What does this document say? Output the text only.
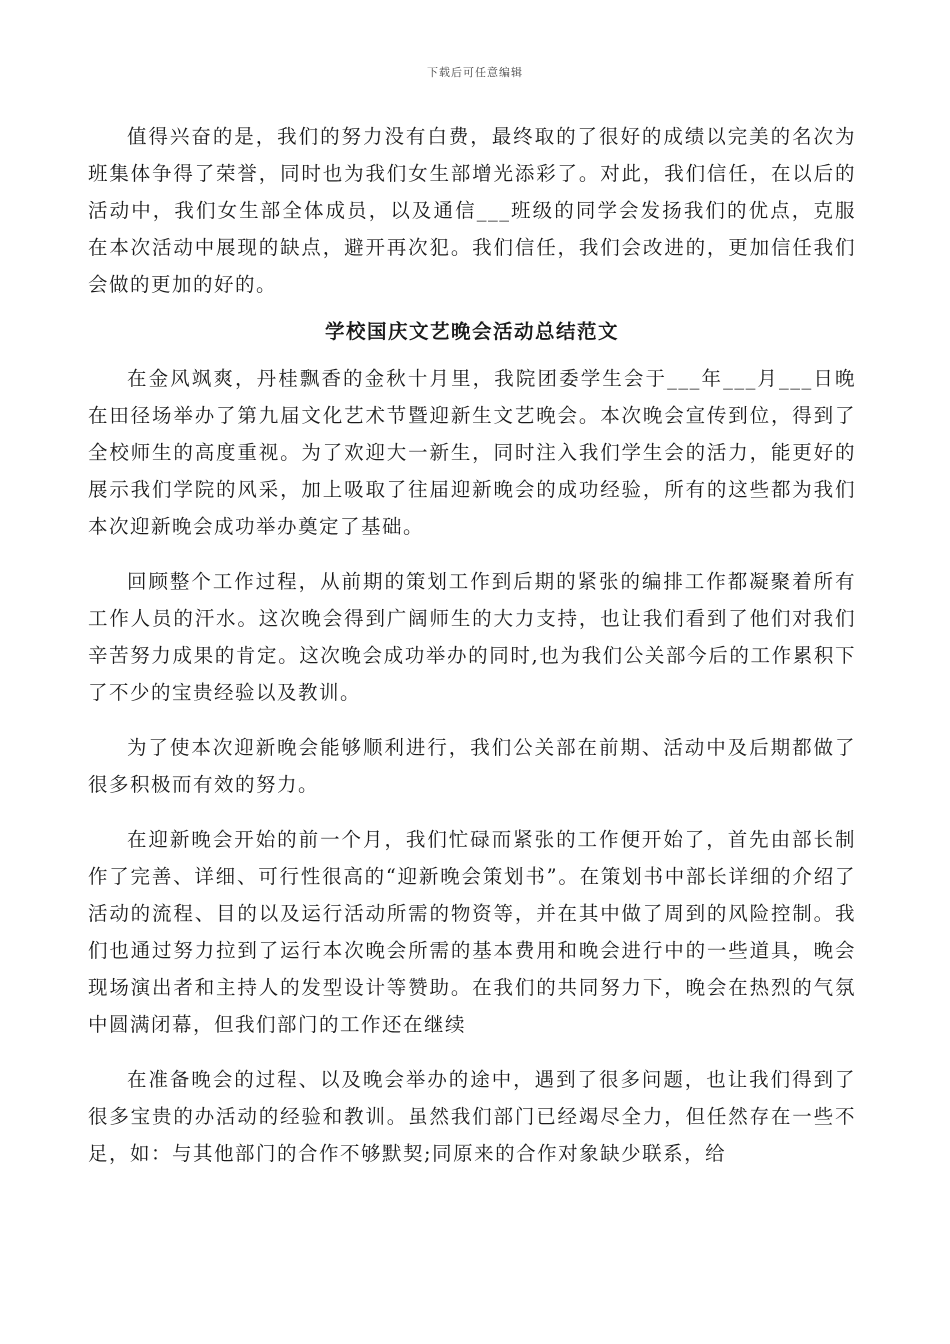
下载后可任意编辑

值得兴奋的是，我们的努力没有白费，最终取的了很好的成绩以完美的名次为班集体争得了荣誉，同时也为我们女生部增光添彩了。对此，我们信任，在以后的活动中，我们女生部全体成员，以及通信___班级的同学会发扬我们的优点，克服在本次活动中展现的缺点，避开再次犯。我们信任，我们会改进的，更加信任我们会做的更加的好的。

学校国庆文艺晚会活动总结范文

在金风飒爽，丹桂飘香的金秋十月里，我院团委学生会于___年___月___日晚在田径场举办了第九届文化艺术节暨迎新生文艺晚会。本次晚会宣传到位，得到了全校师生的高度重视。为了欢迎大一新生，同时注入我们学生会的活力，能更好的展示我们学院的风采，加上吸取了往届迎新晚会的成功经验，所有的这些都为我们本次迎新晚会成功举办奠定了基础。

回顾整个工作过程，从前期的策划工作到后期的紧张的编排工作都凝聚着所有工作人员的汗水。这次晚会得到广阔师生的大力支持，也让我们看到了他们对我们辛苦努力成果的肯定。这次晚会成功举办的同时,也为我们公关部今后的工作累积下了不少的宝贵经验以及教训。

为了使本次迎新晚会能够顺利进行，我们公关部在前期、活动中及后期都做了很多积极而有效的努力。

在迎新晚会开始的前一个月，我们忙碌而紧张的工作便开始了，首先由部长制作了完善、详细、可行性很高的“迎新晚会策划书”。在策划书中部长详细的介绍了活动的流程、目的以及运行活动所需的物资等，并在其中做了周到的风险控制。我们也通过努力拉到了运行本次晚会所需的基本费用和晚会进行中的一些道具，晚会现场演出者和主持人的发型设计等赞助。在我们的共同努力下，晚会在热烈的气氛中圆满闭幕，但我们部门的工作还在继续

在准备晚会的过程、以及晚会举办的途中，遇到了很多问题，也让我们得到了很多宝贵的办活动的经验和教训。虽然我们部门已经竭尽全力，但任然存在一些不足，如：与其他部门的合作不够默契;同原来的合作对象缺少联系，给
